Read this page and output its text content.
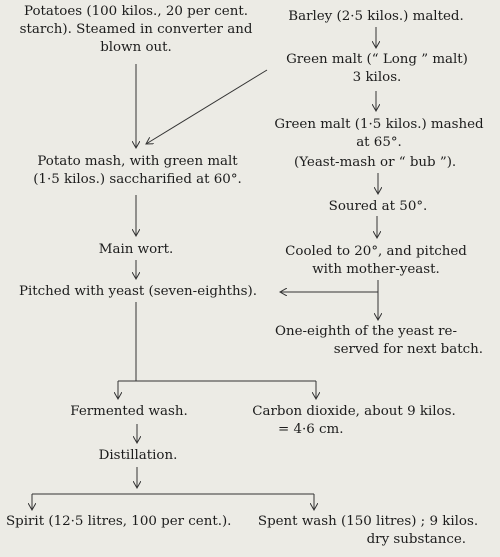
Potatoes (100 kilos., 20 per cent.
starch). Steamed in converter and
blown out.
Potato mash, with green malt
(1·5 kilos.) saccharified at 60°.
Main wort.
Pitched with yeast (seven-eighths).
Fermented wash.
Distillation.
Spirit (12·5 litres, 100 per cent.).
Barley (2·5 kilos.) malted.
Green malt (“ Long ” malt)
3 kilos.
Green malt (1·5 kilos.) mashed
at 65°.
(Yeast-mash or “ bub ”).
Soured at 50°.
Cooled to 20°, and pitched
with mother-yeast.
One-eighth of the yeast re-
served for next batch.
Carbon dioxide, about 9 kilos.
= 4·6 cm.
Spent wash (150 litres) ; 9 kilos.
dry substance.
